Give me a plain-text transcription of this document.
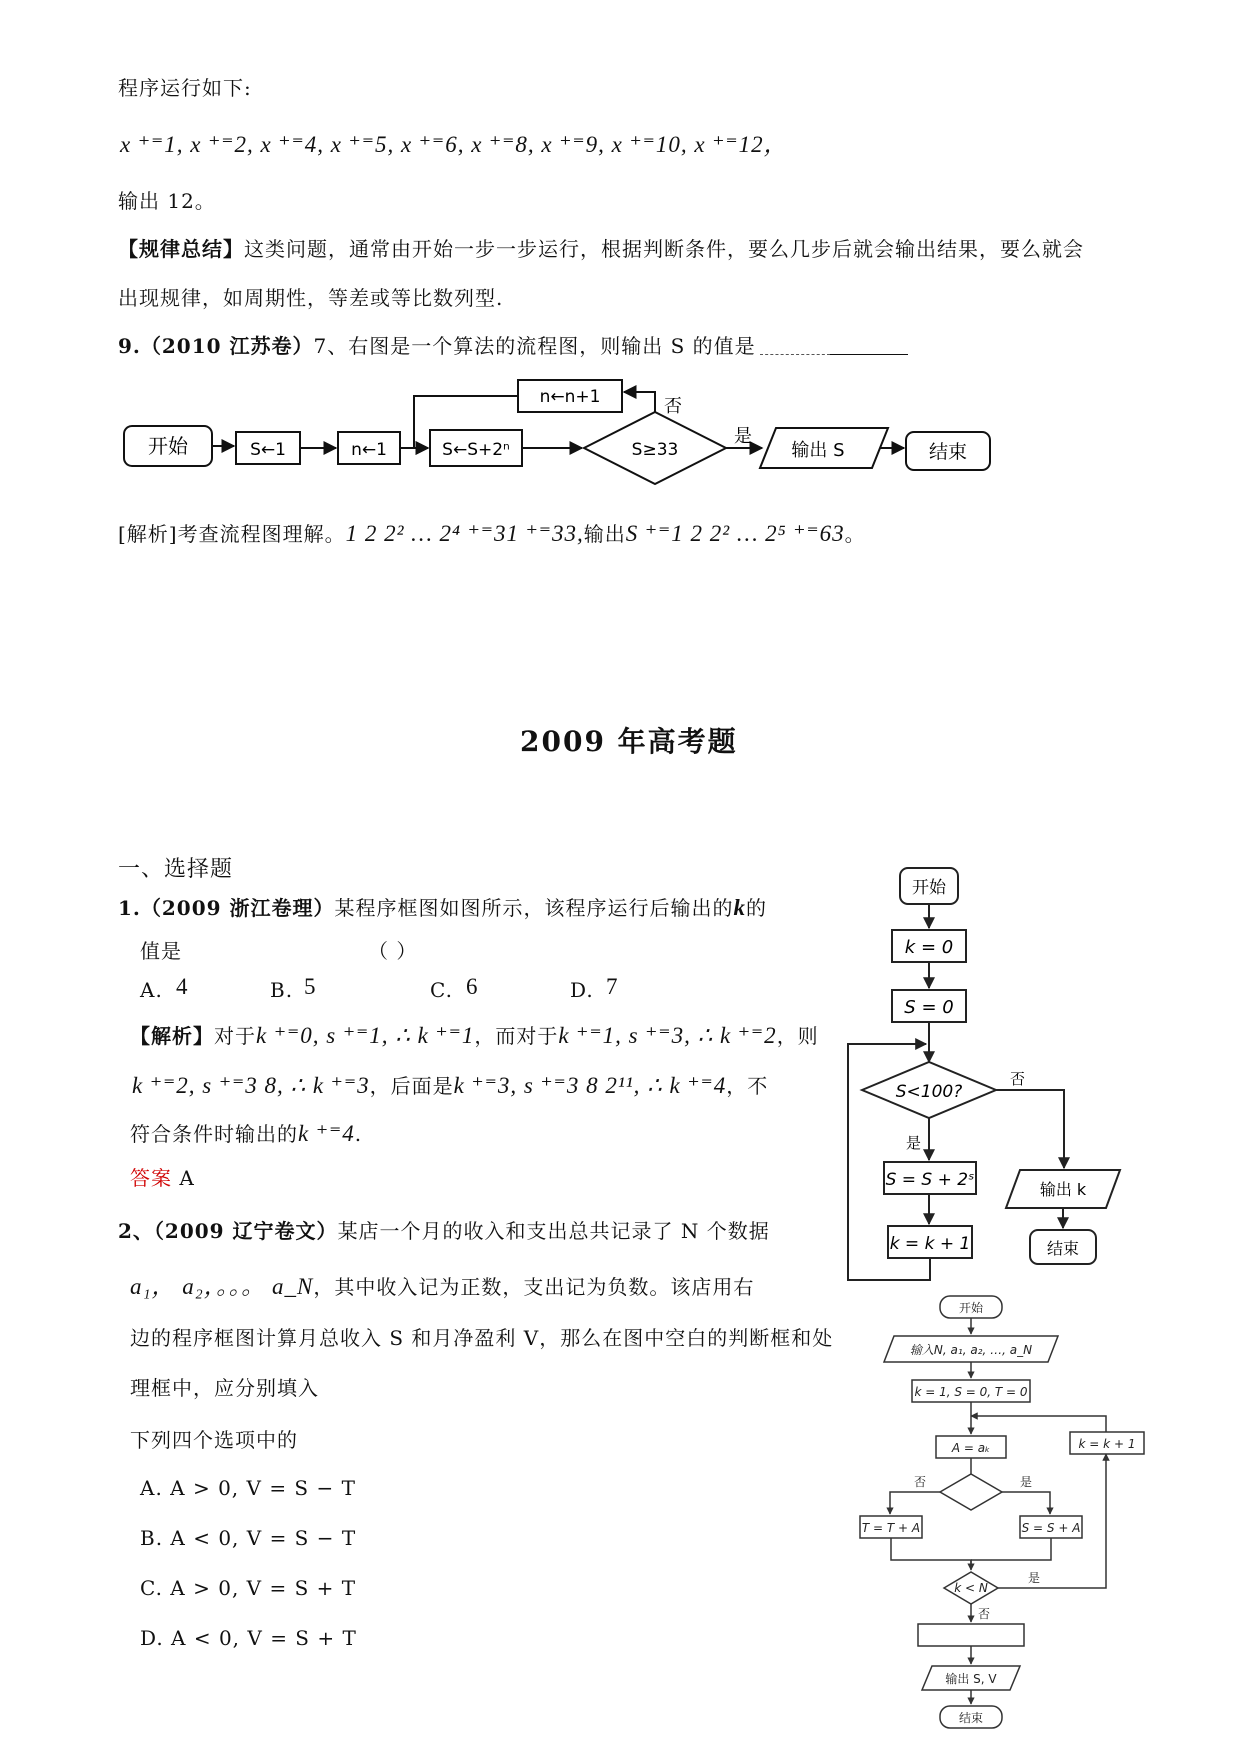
程序运行如下:
x ⁺⁼1, x ⁺⁼2, x ⁺⁼4, x ⁺⁼5, x ⁺⁼6, x ⁺⁼8, x ⁺⁼9, x ⁺⁼10, x ⁺⁼12，
输出 12。
【规律总结】这类问题，通常由开始一步一步运行，根据判断条件，要么几步后就会输出结果，要么就会
出现规律，如周期性，等差或等比数列型.
9.（2010 江苏卷）7、右图是一个算法的流程图，则输出 S 的值是
开始	S←1	n←1	S←S+2ⁿ	S≥33
是
输出 S	结束
否
n←n+1
[解析]考查流程图理解。1 2 2² … 2⁴ ⁺⁼31 ⁺⁼33,输出S ⁺⁼1 2 2² … 2⁵ ⁺⁼63。
2009 年高考题
一、选择题
1.（2009 浙江卷理）某程序框图如图所示，该程序运行后输出的k的
值是	（ ）
A. 4	B. 5	C. 6	D. 7
【解析】对于k ⁺⁼0, s ⁺⁼1, ∴ k ⁺⁼1，而对于k ⁺⁼1, s ⁺⁼3, ∴ k ⁺⁼2，则
k ⁺⁼2, s ⁺⁼3 8, ∴ k ⁺⁼3，后面是k ⁺⁼3, s ⁺⁼3 8 2¹¹, ∴ k ⁺⁼4，不
符合条件时输出的k ⁺⁼4.
答案 A
开始
k = 0
S = 0
S<100?
否
是
S = S + 2ˢ
k = k + 1
输出 k
结束
2、（2009 辽宁卷文）某店一个月的收入和支出总共记录了 N 个数据
a₁， a₂，。。。 a_N，其中收入记为正数，支出记为负数。该店用右
边的程序框图计算月总收入 S 和月净盈利 V，那么在图中空白的判断框和处
理框中，应分别填入
下列四个选项中的
A. A > 0, V = S − T
B. A < 0, V = S − T
C. A > 0, V = S + T
D. A < 0, V = S + T
开始
输入N, a₁, a₂, …, a_N
k = 1, S = 0, T = 0
A = aₖ
否	是
T = T + A	S = S + A
k < N
是
k = k + 1
否
输出 S, V
结束
